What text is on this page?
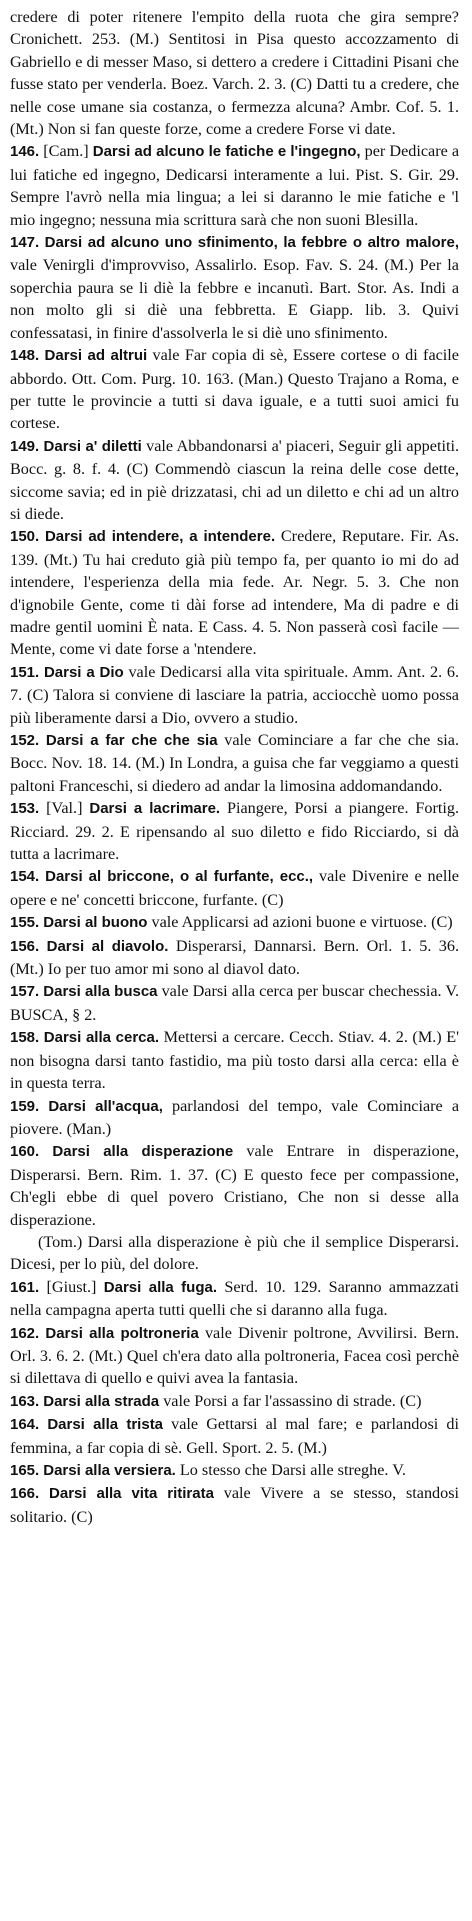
credere di poter ritenere l'empito della ruota che gira sempre? Cronichett. 253. (M.) Sentitosi in Pisa questo accozzamento di Gabriello e di messer Maso, si dettero a credere i Cittadini Pisani che fusse stato per venderla. Boez. Varch. 2. 3. (C) Datti tu a credere, che nelle cose umane sia costanza, o fermezza alcuna? Ambr. Cof. 5. 1. (Mt.) Non si fan queste forze, come a credere Forse vi date.

146. [Cam.] Darsi ad alcuno le fatiche e l'ingegno, per Dedicare a lui fatiche ed ingegno, Dedicarsi interamente a lui. Pist. S. Gir. 29. Sempre l'avrò nella mia lingua; a lei si daranno le mie fatiche e 'l mio ingegno; nessuna mia scrittura sarà che non suoni Blesilla.

147. Darsi ad alcuno uno sfinimento, la febbre o altro malore, vale Venirgli d'improvviso, Assalirlo. Esop. Fav. S. 24. (M.) Per la soperchia paura se li diè la febbre e incanutì. Bart. Stor. As. Indi a non molto gli si diè una febbretta. E Giapp. lib. 3. Quivi confessatasi, in finire d'assolverla le si diè uno sfinimento.

148. Darsi ad altrui vale Far copia di sè, Essere cortese o di facile abbordo. Ott. Com. Purg. 10. 163. (Man.) Questo Trajano a Roma, e per tutte le provincie a tutti si dava iguale, e a tutti suoi amici fu cortese.

149. Darsi a' diletti vale Abbandonarsi a' piaceri, Seguir gli appetiti. Bocc. g. 8. f. 4. (C) Commendò ciascun la reina delle cose dette, siccome savia; ed in piè drizzatasi, chi ad un diletto e chi ad un altro si diede.

150. Darsi ad intendere, a intendere. Credere, Reputare. Fir. As. 139. (Mt.) Tu hai creduto già più tempo fa, per quanto io mi do ad intendere, l'esperienza della mia fede. Ar. Negr. 5. 3. Che non d'ignobile Gente, come ti dài forse ad intendere, Ma di padre e di madre gentil uomini È nata. E Cass. 4. 5. Non passerà così facile — Mente, come vi date forse a 'ntendere.

151. Darsi a Dio vale Dedicarsi alla vita spirituale. Amm. Ant. 2. 6. 7. (C) Talora si conviene di lasciare la patria, acciocchè uomo possa più liberamente darsi a Dio, ovvero a studio.

152. Darsi a far che che sia vale Cominciare a far che che sia. Bocc. Nov. 18. 14. (M.) In Londra, a guisa che far veggiamo a questi paltoni Franceschi, si diedero ad andar la limosina addomandando.

153. [Val.] Darsi a lacrimare. Piangere, Porsi a piangere. Fortig. Ricciard. 29. 2. E ripensando al suo diletto e fido Ricciardo, si dà tutta a lacrimare.

154. Darsi al briccone, o al furfante, ecc., vale Divenire e nelle opere e ne' concetti briccone, furfante. (C)

155. Darsi al buono vale Applicarsi ad azioni buone e virtuose. (C)

156. Darsi al diavolo. Disperarsi, Dannarsi. Bern. Orl. 1. 5. 36. (Mt.) Io per tuo amor mi sono al diavol dato.

157. Darsi alla busca vale Darsi alla cerca per buscar chechessia. V. BUSCA, § 2.

158. Darsi alla cerca. Mettersi a cercare. Cecch. Stiav. 4. 2. (M.) E' non bisogna darsi tanto fastidio, ma più tosto darsi alla cerca: ella è in questa terra.

159. Darsi all'acqua, parlandosi del tempo, vale Cominciare a piovere. (Man.)

160. Darsi alla disperazione vale Entrare in disperazione, Disperarsi. Bern. Rim. 1. 37. (C) E questo fece per compassione, Ch'egli ebbe di quel povero Cristiano, Che non si desse alla disperazione.

(Tom.) Darsi alla disperazione è più che il semplice Disperarsi. Dicesi, per lo più, del dolore.

161. [Giust.] Darsi alla fuga. Serd. 10. 129. Saranno ammazzati nella campagna aperta tutti quelli che si daranno alla fuga.

162. Darsi alla poltroneria vale Divenir poltrone, Avvilirsi. Bern. Orl. 3. 6. 2. (Mt.) Quel ch'era dato alla poltroneria, Facea così perchè si dilettava di quello e quivi avea la fantasia.

163. Darsi alla strada vale Porsi a far l'assassino di strade. (C)

164. Darsi alla trista vale Gettarsi al mal fare; e parlandosi di femmina, a far copia di sè. Gell. Sport. 2. 5. (M.)

165. Darsi alla versiera. Lo stesso che Darsi alle streghe. V.

166. Darsi alla vita ritirata vale Vivere a se stesso, standosi solitario. (C)
